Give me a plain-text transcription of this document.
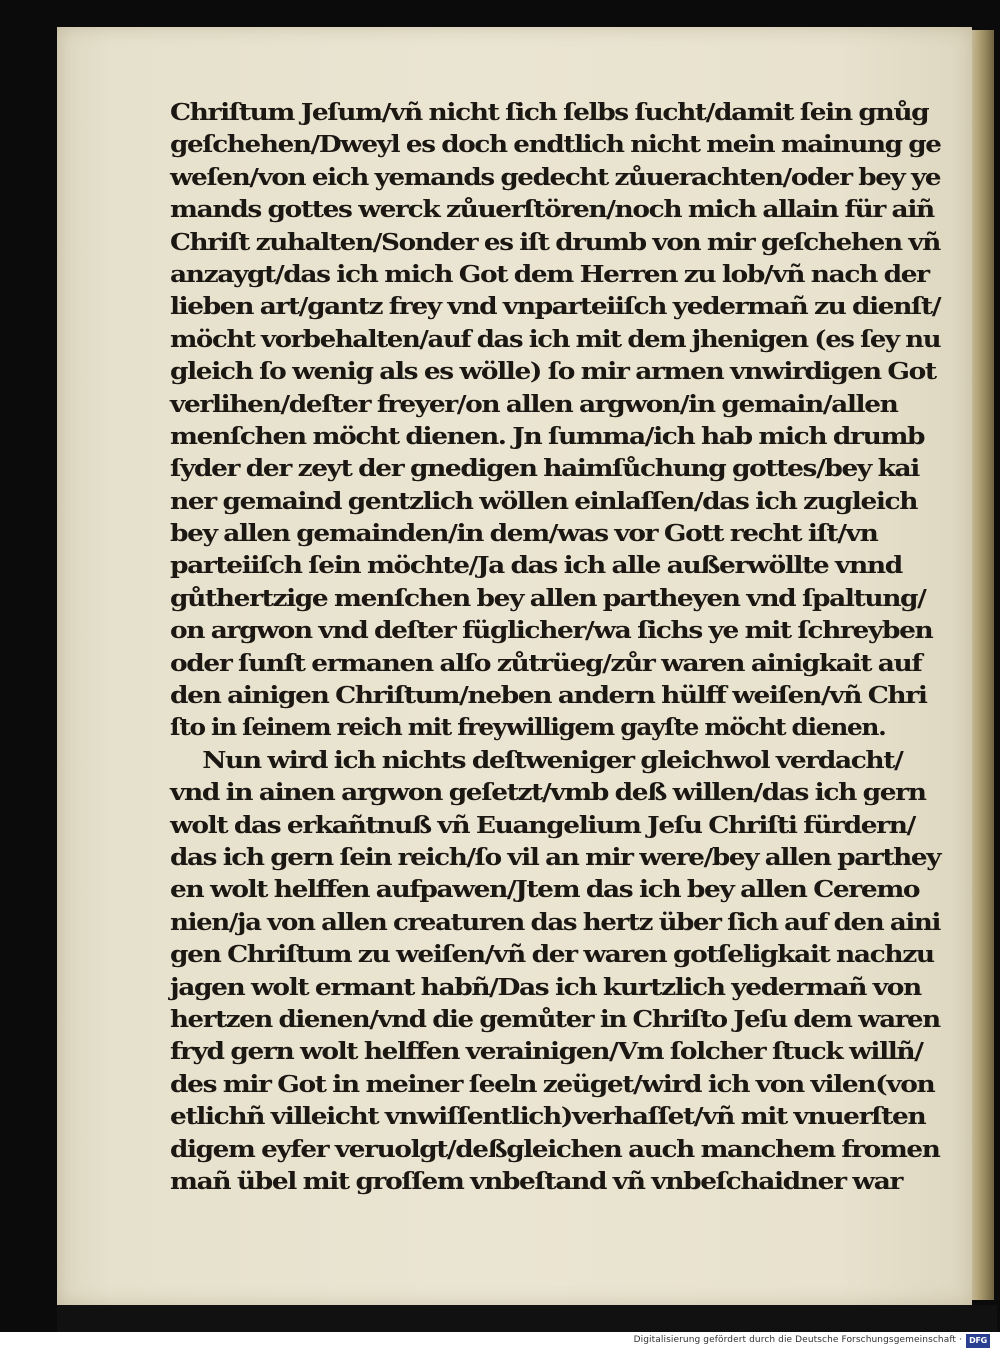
Chriſtum Jeſum/vñ nicht ſich ſelbs ſucht/damit ſein gnůg
geſchehen/Dweyl es doch endtlich nicht mein mainung ge
weſen/von eich yemands gedecht zůuerachten/oder bey ye
mands gottes werck zůuerſtören/noch mich allain für aiñ
Chriſt zuhalten/Sonder es iſt drumb von mir geſchehen vñ
anzaygt/das ich mich Got dem Herren zu lob/vñ nach der
lieben art/gantz frey vnd vnparteiiſch yedermañ zu dienſt/
möcht vorbehalten/auf das ich mit dem jhenigen (es ſey nu
gleich ſo wenig als es wölle) ſo mir armen vnwirdigen Got
verlihen/deſter freyer/on allen argwon/in gemain/allen
menſchen möcht dienen. Jn ſumma/ich hab mich drumb
ſyder der zeyt der gnedigen haimſůchung gottes/bey kai
ner gemaind gentzlich wöllen einlaſſen/das ich zugleich
bey allen gemainden/in dem/was vor Gott recht iſt/vn
parteiiſch ſein möchte/Ja das ich alle außerwöllte vnnd
gůthertzige menſchen bey allen partheyen vnd ſpaltung/
on argwon vnd deſter füglicher/wa ſichs ye mit ſchreyben
oder ſunſt ermanen alſo zůtrüeg/zůr waren ainigkait auf
den ainigen Chriſtum/neben andern hülff weiſen/vñ Chri
ſto in ſeinem reich mit freywilligem gayſte möcht dienen.
Nun wird ich nichts deſtweniger gleichwol verdacht/
vnd in ainen argwon geſetzt/vmb deß willen/das ich gern
wolt das erkañtnuß vñ Euangelium Jeſu Chriſti fürdern/
das ich gern ſein reich/ſo vil an mir were/bey allen parthey
en wolt helffen aufpawen/Jtem das ich bey allen Ceremo
nien/ja von allen creaturen das hertz über ſich auf den aini
gen Chriſtum zu weiſen/vñ der waren gotſeligkait nachzu
jagen wolt ermant habñ/Das ich kurtzlich yedermañ von
hertzen dienen/vnd die gemůter in Chriſto Jeſu dem waren
fryd gern wolt helffen verainigen/Vm ſolcher ſtuck willñ/
des mir Got in meiner ſeeln zeüget/wird ich von vilen(von
etlichñ villeicht vnwiſſentlich)verhaſſet/vñ mit vnuerſten
digem eyfer veruolgt/deßgleichen auch manchem fromen
mañ übel mit groſſem vnbeſtand vñ vnbeſchaidner war
Digitalisierung gefördert durch die Deutsche Forschungsgemeinschaft · DFG
